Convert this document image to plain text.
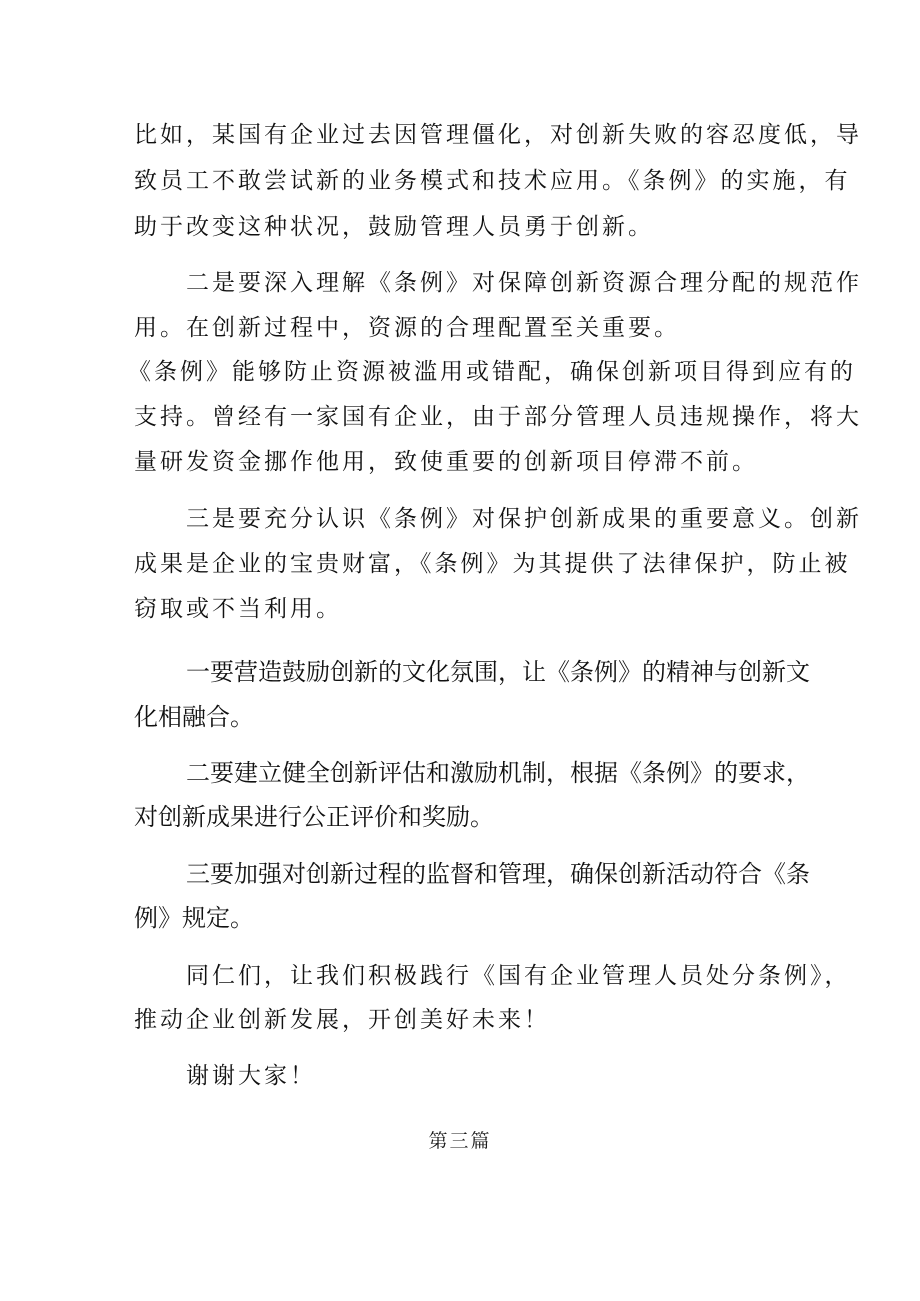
比如，某国有企业过去因管理僵化，对创新失败的容忍度低，导
致员工不敢尝试新的业务模式和技术应用。《条例》的实施，有
助于改变这种状况，鼓励管理人员勇于创新。
二是要深入理解《条例》对保障创新资源合理分配的规范作
用。在创新过程中，资源的合理配置至关重要。
《条例》能够防止资源被滥用或错配，确保创新项目得到应有的
支持。曾经有一家国有企业，由于部分管理人员违规操作，将大
量研发资金挪作他用，致使重要的创新项目停滞不前。
三是要充分认识《条例》对保护创新成果的重要意义。创新
成果是企业的宝贵财富，《条例》为其提供了法律保护，防止被
窃取或不当利用。
一要营造鼓励创新的文化氛围，让《条例》的精神与创新文
化相融合。
二要建立健全创新评估和激励机制，根据《条例》的要求，
对创新成果进行公正评价和奖励。
三要加强对创新过程的监督和管理，确保创新活动符合《条
例》规定。
同仁们，让我们积极践行《国有企业管理人员处分条例》，
推动企业创新发展，开创美好未来！
谢谢大家！
第三篇
